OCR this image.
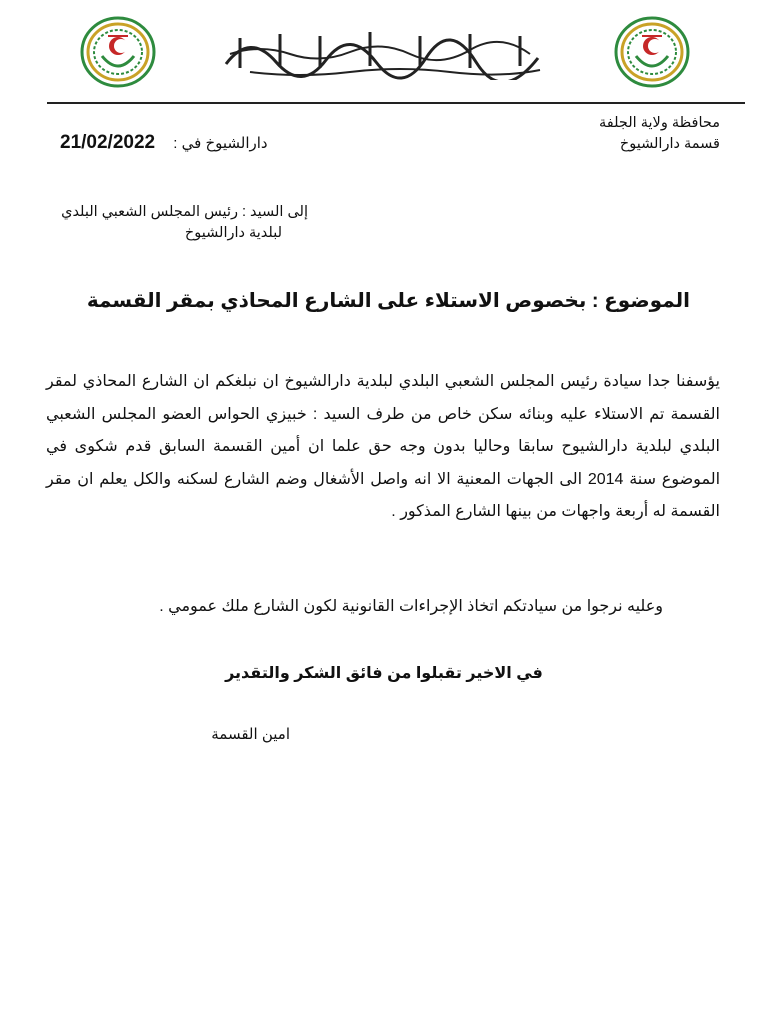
محافظة ولاية الجلفة
قسمة دارالشيوخ
21/02/2022 دارالشيوخ في :
إلى السيد : رئيس المجلس الشعبي البلدي
لبلدية دارالشيوخ
الموضوع : بخصوص الاستلاء على الشارع المحاذي بمقر القسمة
يؤسفنا جدا سيادة رئيس المجلس الشعبي البلدي لبلدية دارالشيوخ ان نبلغكم ان الشارع المحاذي لمقر القسمة تم الاستلاء عليه وبنائه سكن خاص من طرف السيد : خبيزي الحواس العضو المجلس الشعبي البلدي لبلدية دارالشيوح سابقا وحاليا بدون وجه حق علما ان أمين القسمة السابق قدم شكوى في الموضوع سنة 2014 الى الجهات المعنية الا انه واصل الأشغال وضم الشارع لسكنه والكل يعلم ان مقر القسمة له أربعة واجهات من بينها الشارع المذكور .
وعليه نرجوا من سيادتكم اتخاذ الإجراءات القانونية لكون الشارع ملك عمومي .
في الاخير تقبلوا من فائق الشكر والتقدير
امين القسمة
